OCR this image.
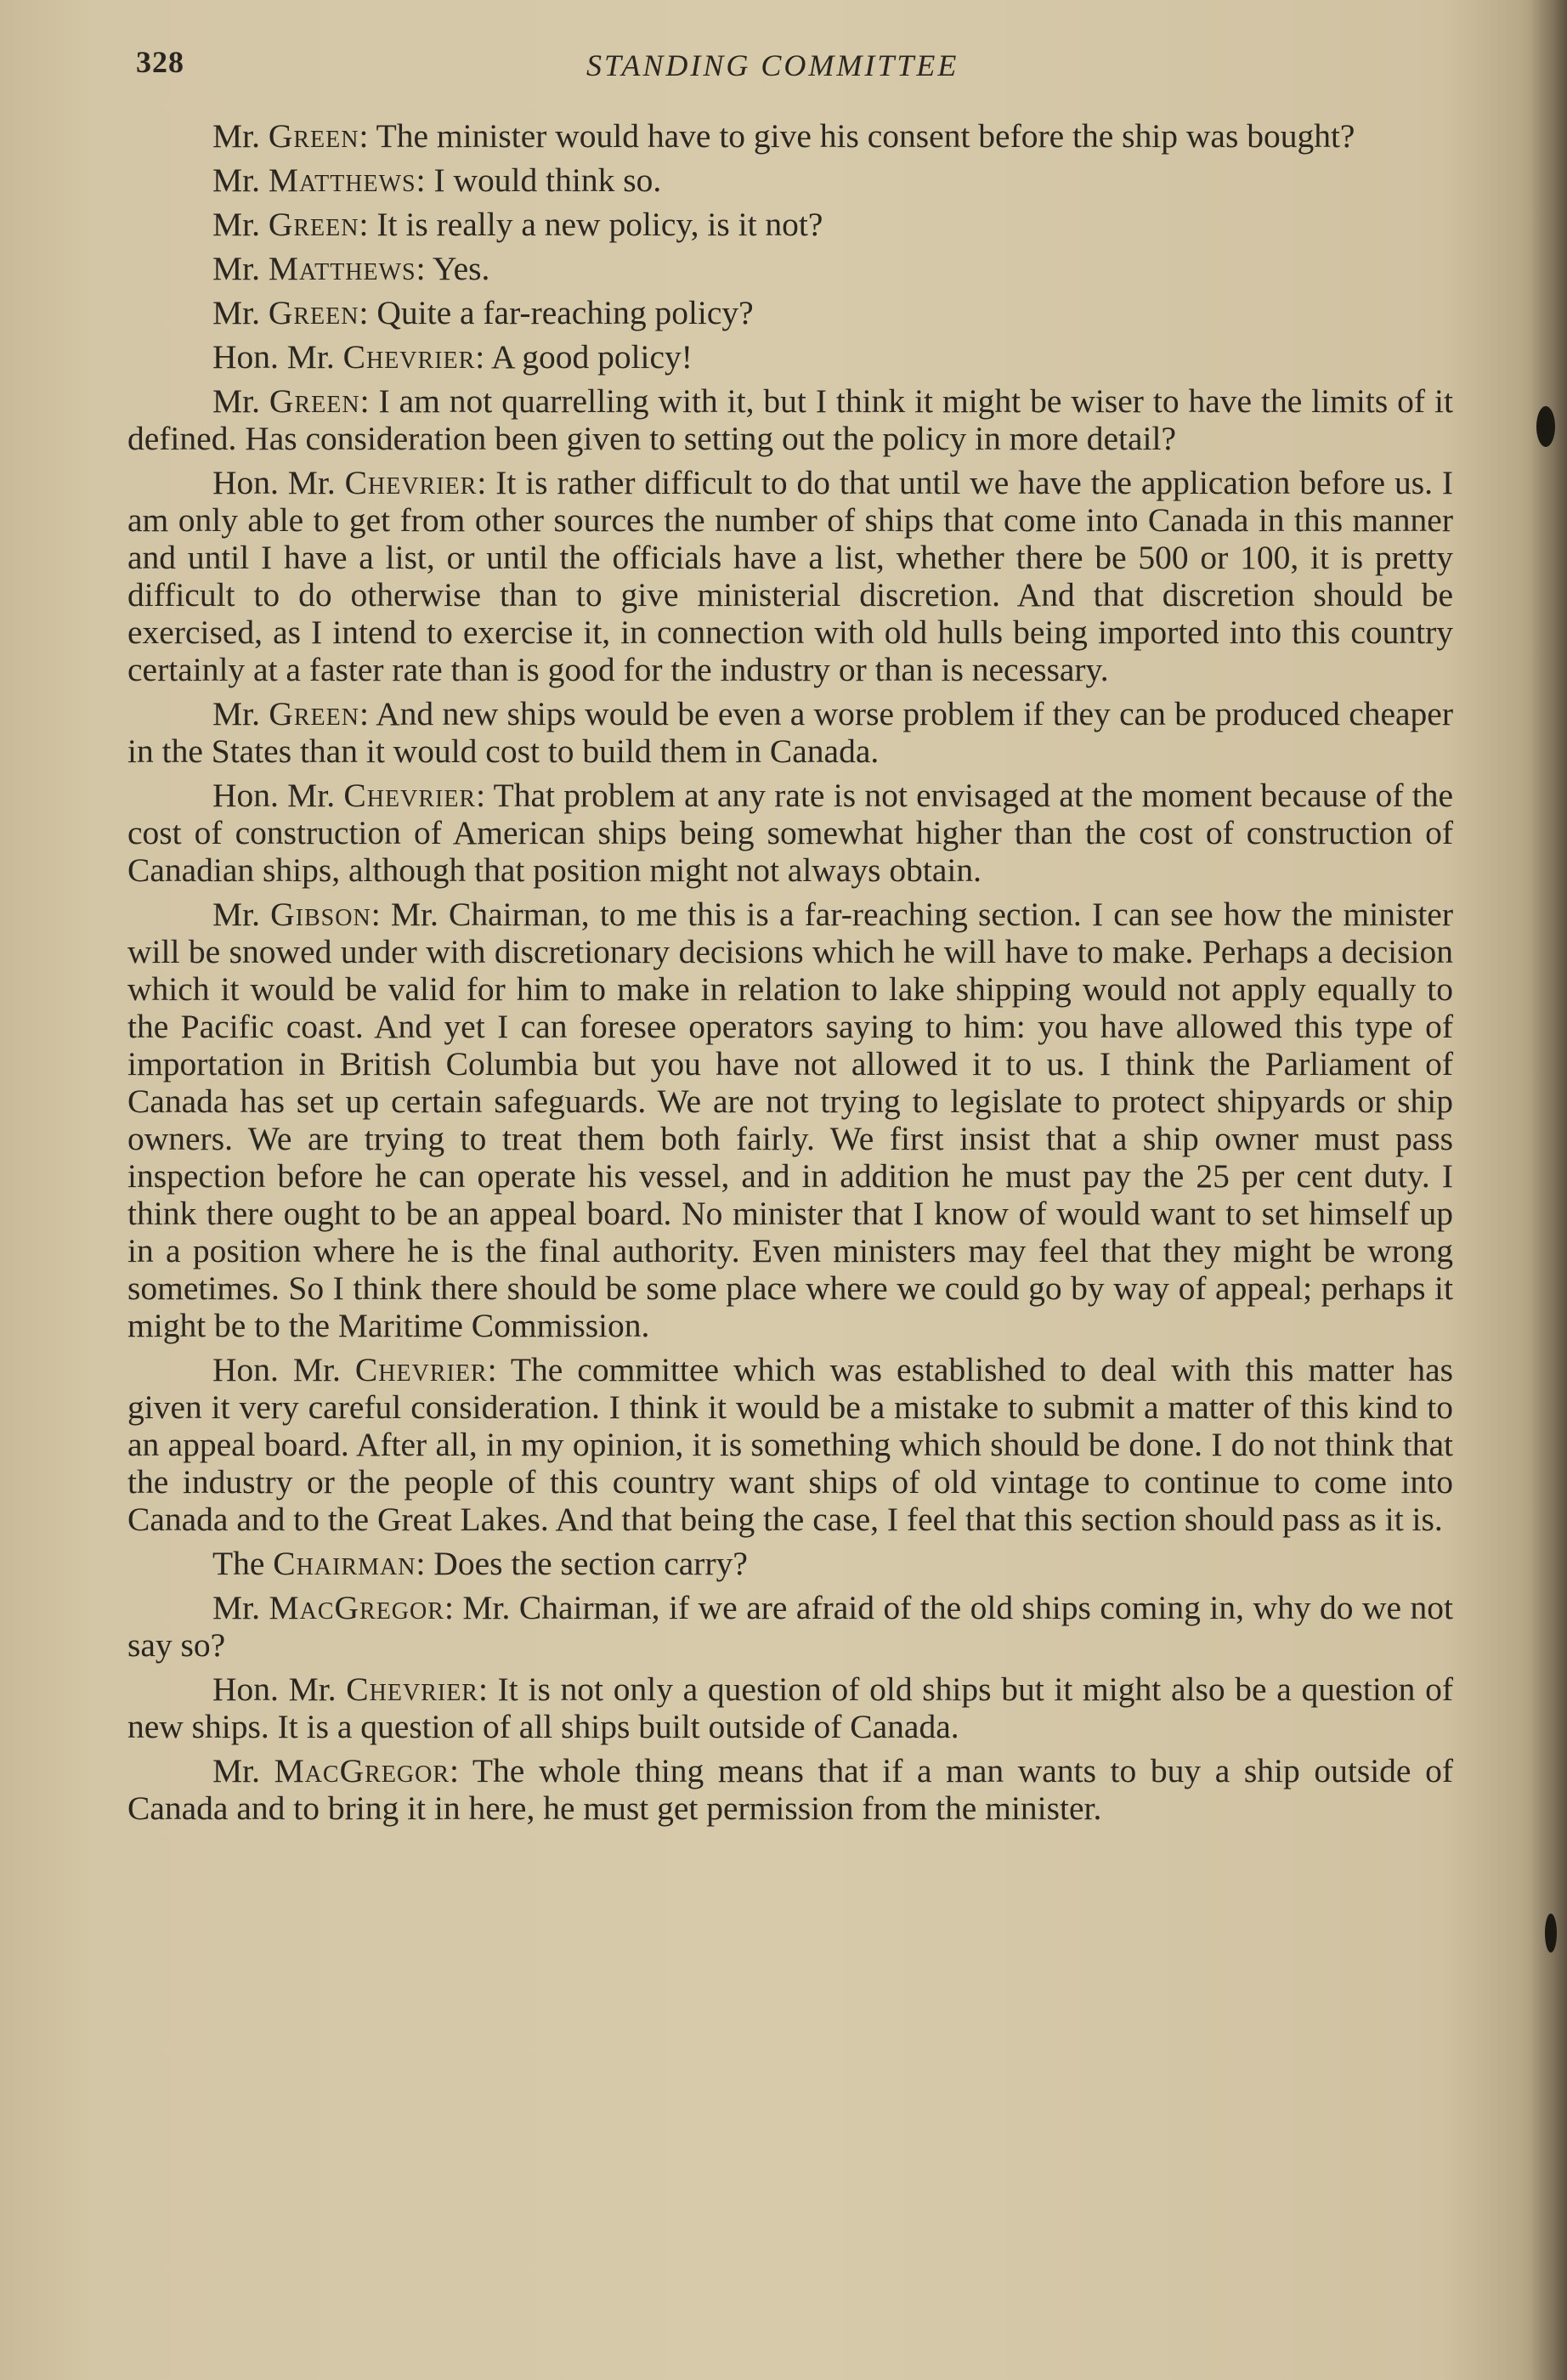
328	STANDING COMMITTEE

Mr. Green: The minister would have to give his consent before the ship was bought?

Mr. Matthews: I would think so.

Mr. Green: It is really a new policy, is it not?

Mr. Matthews: Yes.

Mr. Green: Quite a far-reaching policy?

Hon. Mr. Chevrier: A good policy!

Mr. Green: I am not quarrelling with it, but I think it might be wiser to have the limits of it defined. Has consideration been given to setting out the policy in more detail?

Hon. Mr. Chevrier: It is rather difficult to do that until we have the application before us. I am only able to get from other sources the number of ships that come into Canada in this manner and until I have a list, or until the officials have a list, whether there be 500 or 100, it is pretty difficult to do otherwise than to give ministerial discretion. And that discretion should be exercised, as I intend to exercise it, in connection with old hulls being imported into this country certainly at a faster rate than is good for the industry or than is necessary.

Mr. Green: And new ships would be even a worse problem if they can be produced cheaper in the States than it would cost to build them in Canada.

Hon. Mr. Chevrier: That problem at any rate is not envisaged at the moment because of the cost of construction of American ships being somewhat higher than the cost of construction of Canadian ships, although that position might not always obtain.

Mr. Gibson: Mr. Chairman, to me this is a far-reaching section. I can see how the minister will be snowed under with discretionary decisions which he will have to make. Perhaps a decision which it would be valid for him to make in relation to lake shipping would not apply equally to the Pacific coast. And yet I can foresee operators saying to him: you have allowed this type of importation in British Columbia but you have not allowed it to us. I think the Parliament of Canada has set up certain safeguards. We are not trying to legislate to protect shipyards or ship owners. We are trying to treat them both fairly. We first insist that a ship owner must pass inspection before he can operate his vessel, and in addition he must pay the 25 per cent duty. I think there ought to be an appeal board. No minister that I know of would want to set himself up in a position where he is the final authority. Even ministers may feel that they might be wrong sometimes. So I think there should be some place where we could go by way of appeal; perhaps it might be to the Maritime Commission.

Hon. Mr. Chevrier: The committee which was established to deal with this matter has given it very careful consideration. I think it would be a mistake to submit a matter of this kind to an appeal board. After all, in my opinion, it is something which should be done. I do not think that the industry or the people of this country want ships of old vintage to continue to come into Canada and to the Great Lakes. And that being the case, I feel that this section should pass as it is.

The Chairman: Does the section carry?

Mr. MacGregor: Mr. Chairman, if we are afraid of the old ships coming in, why do we not say so?

Hon. Mr. Chevrier: It is not only a question of old ships but it might also be a question of new ships. It is a question of all ships built outside of Canada.

Mr. MacGregor: The whole thing means that if a man wants to buy a ship outside of Canada and to bring it in here, he must get permission from the minister.
